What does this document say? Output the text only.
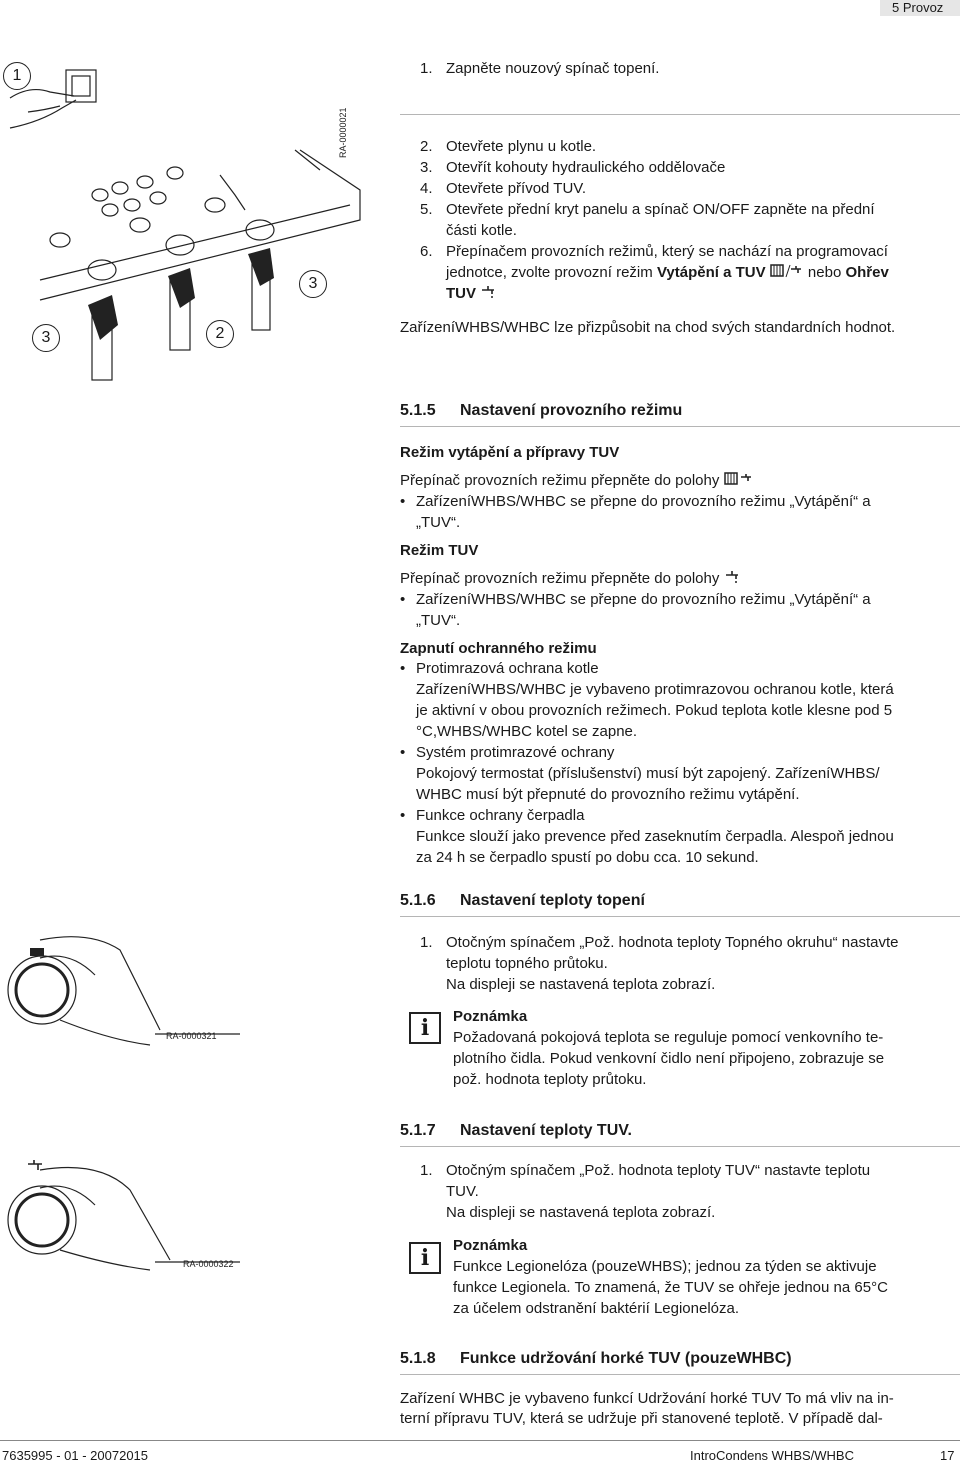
5 Provoz
RA-0000021
1
3
2
3
1. Zapněte nouzový spínač topení.
2. Otevřete plynu u kotle.
3. Otevřít kohouty hydraulického oddělovače
4. Otevřete přívod TUV.
5. Otevřete přední kryt panelu a spínač ON/OFF zapněte na přední
části kotle.
6. Přepínačem provozních režimů, který se nachází na programovací
jednotce, zvolte provozní režim Vytápění a TUV	nebo Ohřev
TUV
ZařízeníWHBS/WHBC lze přizpůsobit na chod svých standardních hodnot.
5.1.5 Nastavení provozního režimu
Režim vytápění a přípravy TUV
Přepínač provozních režimu přepněte do polohy
• ZařízeníWHBS/WHBC se přepne do provozního režimu „Vytápění“ a
„TUV“.
Režim TUV
Přepínač provozních režimu přepněte do polohy
• ZařízeníWHBS/WHBC se přepne do provozního režimu „Vytápění“ a
„TUV“.
Zapnutí ochranného režimu
• Protimrazová ochrana kotle
ZařízeníWHBS/WHBC je vybaveno protimrazovou ochranou kotle, která
je aktivní v obou provozních režimech. Pokud teplota kotle klesne pod 5
°C,WHBS/WHBC kotel se zapne.
• Systém protimrazové ochrany
Pokojový termostat (příslušenství) musí být zapojený. ZařízeníWHBS/
WHBC musí být přepnuté do provozního režimu vytápění.
• Funkce ochrany čerpadla
Funkce slouží jako prevence před zaseknutím čerpadla. Alespoň jednou
za 24 h se čerpadlo spustí po dobu cca. 10 sekund.
5.1.6 Nastavení teploty topení
1. Otočným spínačem „Pož. hodnota teploty Topného okruhu“ nastavte
teplotu topného průtoku.
Na displeji se nastavená teplota zobrazí.
i	Poznámka
Požadovaná pokojová teplota se reguluje pomocí venkovního te-
plotního čidla. Pokud venkovní čidlo není připojeno, zobrazuje se
pož. hodnota teploty průtoku.
RA-0000321
5.1.7 Nastavení teploty TUV.
1. Otočným spínačem „Pož. hodnota teploty TUV“ nastavte teplotu
TUV.
Na displeji se nastavená teplota zobrazí.
i	Poznámka
Funkce Legionelóza (pouzeWHBS); jednou za týden se aktivuje
funkce Legionela. To znamená, že TUV se ohřeje jednou na 65°C
za účelem odstranění baktérií Legionelóza.
RA-0000322
5.1.8 Funkce udržování horké TUV (pouzeWHBC)
Zařízení WHBC je vybaveno funkcí Udržování horké TUV To má vliv na in-
terní přípravu TUV, která se udržuje při stanovené teplotě. V případě dal-
7635995 - 01 - 20072015	IntroCondens WHBS/WHBC	17
